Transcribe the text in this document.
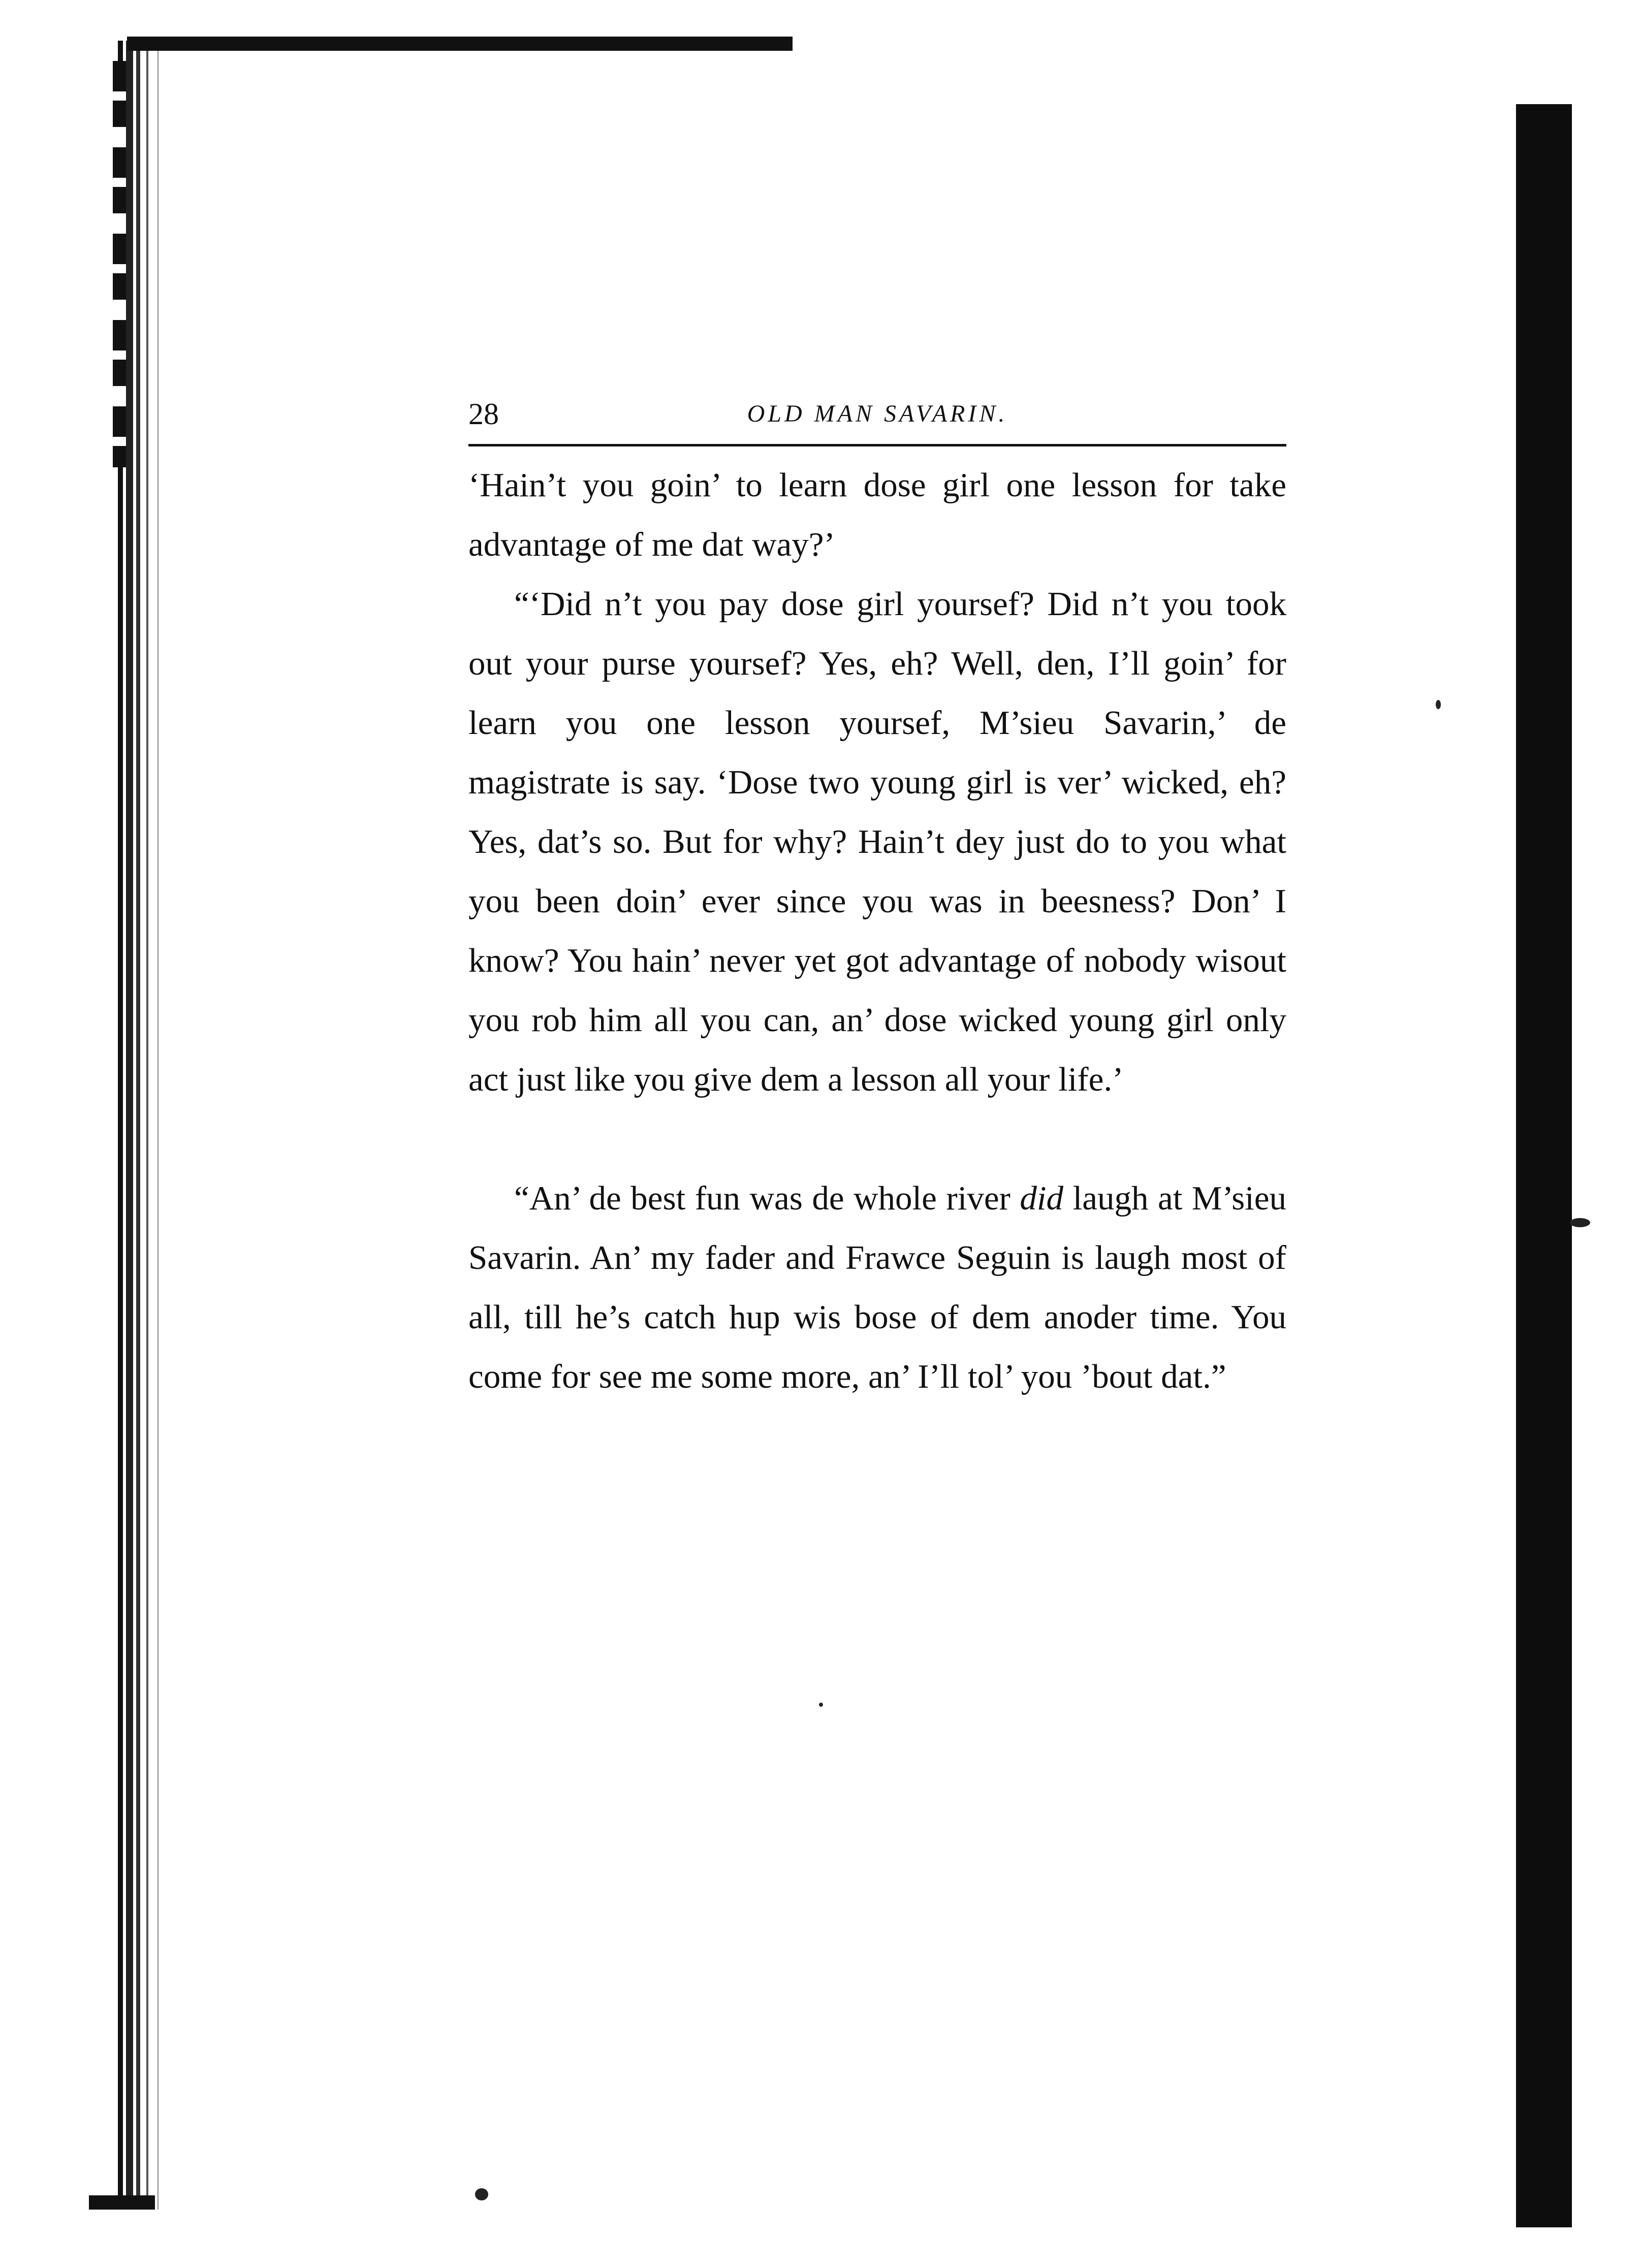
28	OLD MAN SAVARIN.

‘Hain’t you goin’ to learn dose girl one lesson for take advantage of me dat way?’

“‘Did n’t you pay dose girl yoursef? Did n’t you took out your purse yoursef? Yes, eh? Well, den, I’ll goin’ for learn you one lesson yoursef, M’sieu Savarin,’ de magistrate is say. ‘Dose two young girl is ver’ wicked, eh? Yes, dat’s so. But for why? Hain’t dey just do to you what you been doin’ ever since you was in beesness? Don’ I know? You hain’ never yet got advantage of nobody wisout you rob him all you can, an’ dose wicked young girl only act just like you give dem a lesson all your life.’

“An’ de best fun was de whole river did laugh at M’sieu Savarin. An’ my fader and Frawce Seguin is laugh most of all, till he’s catch hup wis bose of dem anoder time. You come for see me some more, an’ I’ll tol’ you ’bout dat.”
